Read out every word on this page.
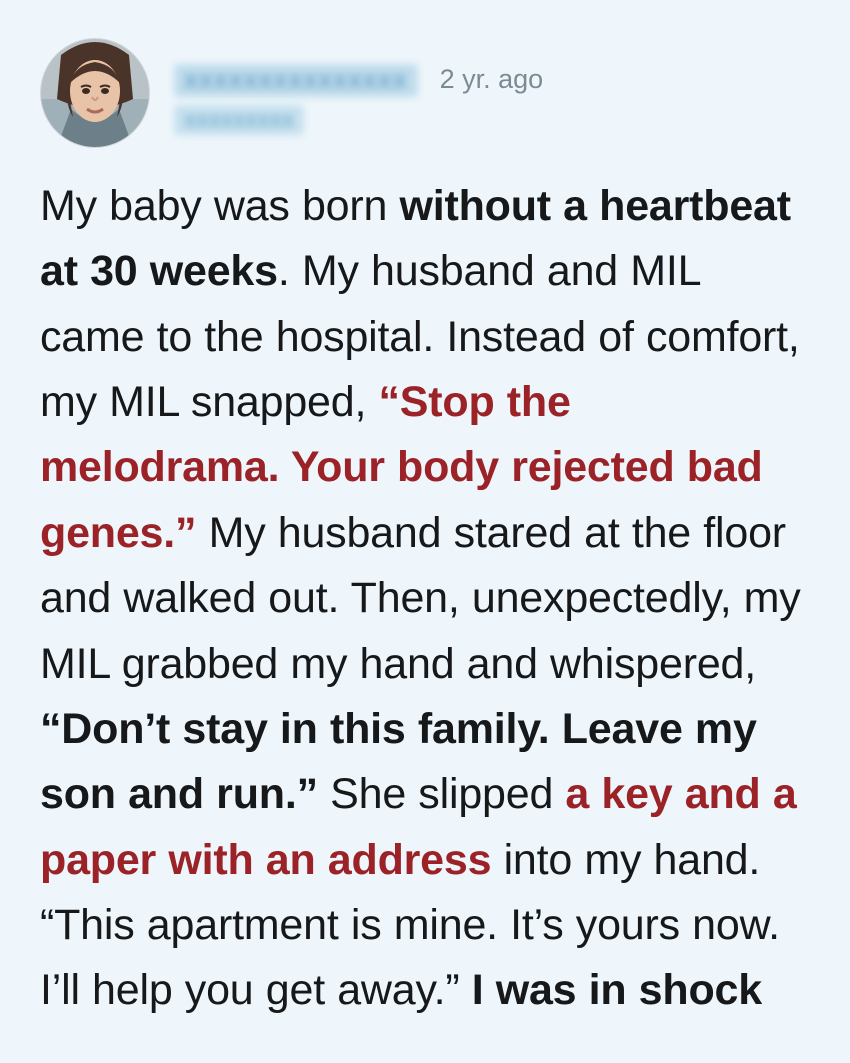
xxxxxxxxxxxxxxx	2 yr. ago
xxxxxxxxx
My baby was born without a heartbeat at 30 weeks. My husband and MIL came to the hospital. Instead of comfort, my MIL snapped, “Stop the melodrama. Your body rejected bad genes.” My husband stared at the floor and walked out. Then, unexpectedly, my MIL grabbed my hand and whispered, “Don’t stay in this family. Leave my son and run.” She slipped a key and a paper with an address into my hand. “This apartment is mine. It’s yours now. I’ll help you get away.” I was in shock
